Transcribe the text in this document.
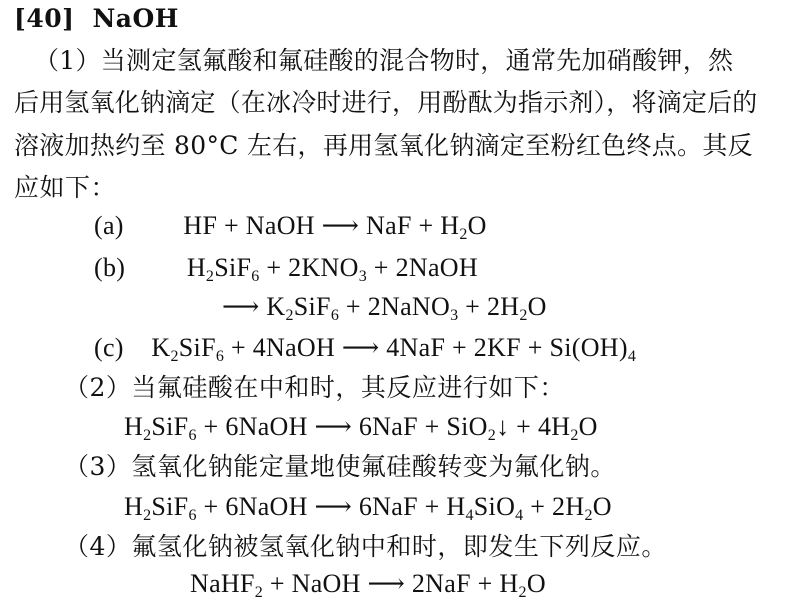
[40] NaOH
（1）当测定氢氟酸和氟硅酸的混合物时，通常先加硝酸钾，然
后用氢氧化钠滴定（在冰冷时进行，用酚酞为指示剂），将滴定后的
溶液加热约至 80°C 左右，再用氢氧化钠滴定至粉红色终点。其反
应如下：
(a) HF + NaOH ⟶ NaF + $H_2O$
(b) $H_2SiF_6 + 2KNO_3$ + 2NaOH
⟶ $K_2SiF_6$ + 2NaNO$_3$ + $2H_2O$
(c) $K_2SiF_6$ + 4NaOH ⟶ $4NaF + 2KF + Si(OH)_4$
（2）当氟硅酸在中和时，其反应进行如下：
$H_2SiF_6$ + 6NaOH ⟶ 6NaF + SiO$_2$↓ + $4H_2O$
（3）氢氧化钠能定量地使氟硅酸转变为氟化钠。
$H_2SiF_6$ + 6NaOH ⟶ $6NaF + H_4SiO_4 + 2H_2O$
（4）氟氢化钠被氢氧化钠中和时，即发生下列反应。
NaHF$_2$ + NaOH ⟶ $2NaF + H_2O$
